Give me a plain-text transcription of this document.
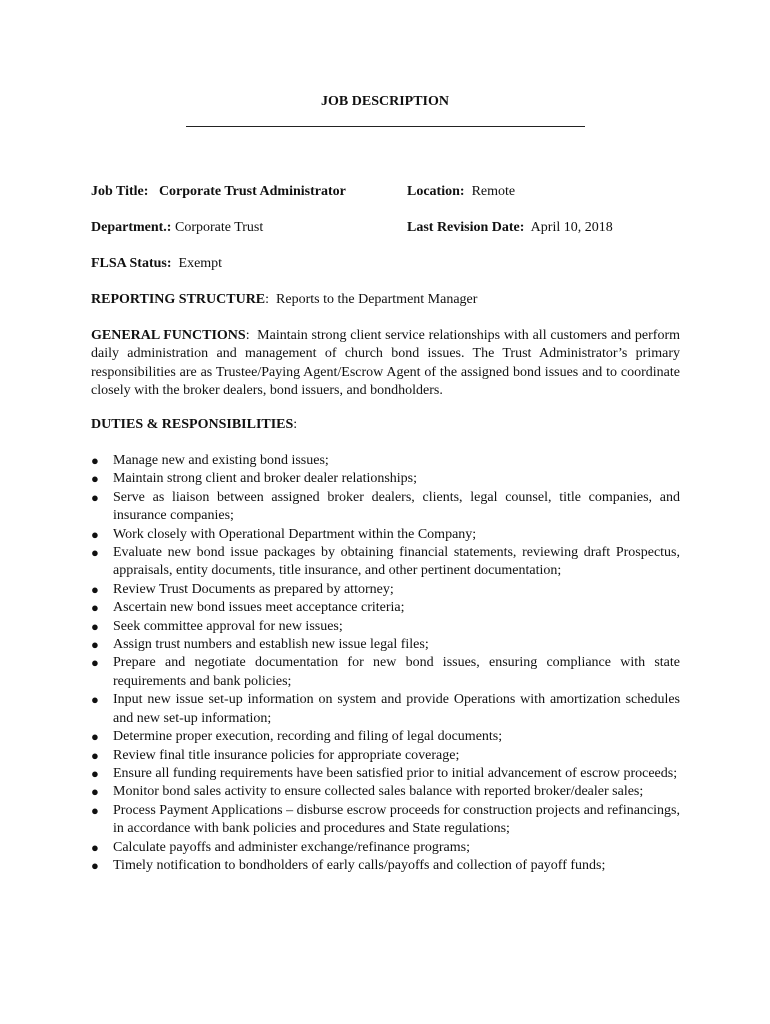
JOB DESCRIPTION
Job Title: Corporate Trust Administrator	Location: Remote
Department.: Corporate Trust	Last Revision Date: April 10, 2018
FLSA Status: Exempt
REPORTING STRUCTURE:  Reports to the Department Manager
GENERAL FUNCTIONS:  Maintain strong client service relationships with all customers and perform daily administration and management of church bond issues. The Trust Administrator’s primary responsibilities are as Trustee/Paying Agent/Escrow Agent of the assigned bond issues and to coordinate closely with the broker dealers, bond issuers, and bondholders.
DUTIES & RESPONSIBILITIES:
● Manage new and existing bond issues;
● Maintain strong client and broker dealer relationships;
● Serve as liaison between assigned broker dealers, clients, legal counsel, title companies, and insurance companies;
● Work closely with Operational Department within the Company;
● Evaluate new bond issue packages by obtaining financial statements, reviewing draft Prospectus, appraisals, entity documents, title insurance, and other pertinent documentation;
● Review Trust Documents as prepared by attorney;
● Ascertain new bond issues meet acceptance criteria;
● Seek committee approval for new issues;
● Assign trust numbers and establish new issue legal files;
● Prepare and negotiate documentation for new bond issues, ensuring compliance with state requirements and bank policies;
● Input new issue set-up information on system and provide Operations with amortization schedules and new set-up information;
● Determine proper execution, recording and filing of legal documents;
● Review final title insurance policies for appropriate coverage;
● Ensure all funding requirements have been satisfied prior to initial advancement of escrow proceeds;
● Monitor bond sales activity to ensure collected sales balance with reported broker/dealer sales;
● Process Payment Applications – disburse escrow proceeds for construction projects and refinancings, in accordance with bank policies and procedures and State regulations;
● Calculate payoffs and administer exchange/refinance programs;
● Timely notification to bondholders of early calls/payoffs and collection of payoff funds;
